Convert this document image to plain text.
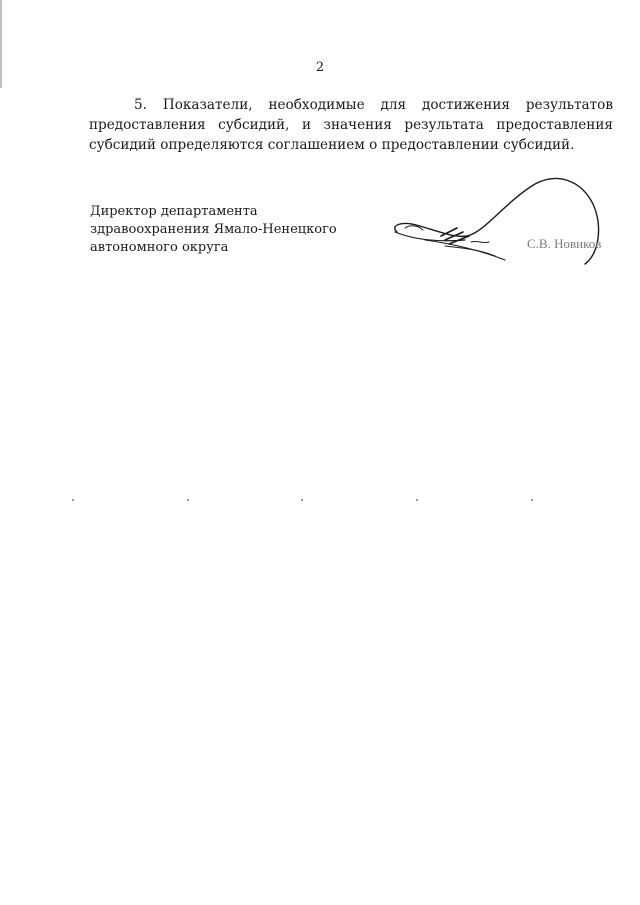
2

5. Показатели, необходимые для достижения результатов предоставления субсидий, и значения результата предоставления субсидий определяются соглашением о предоставлении субсидий.

Директор департамента
здравоохранения Ямало-Ненецкого
автономного округа	С.В. Новиков
